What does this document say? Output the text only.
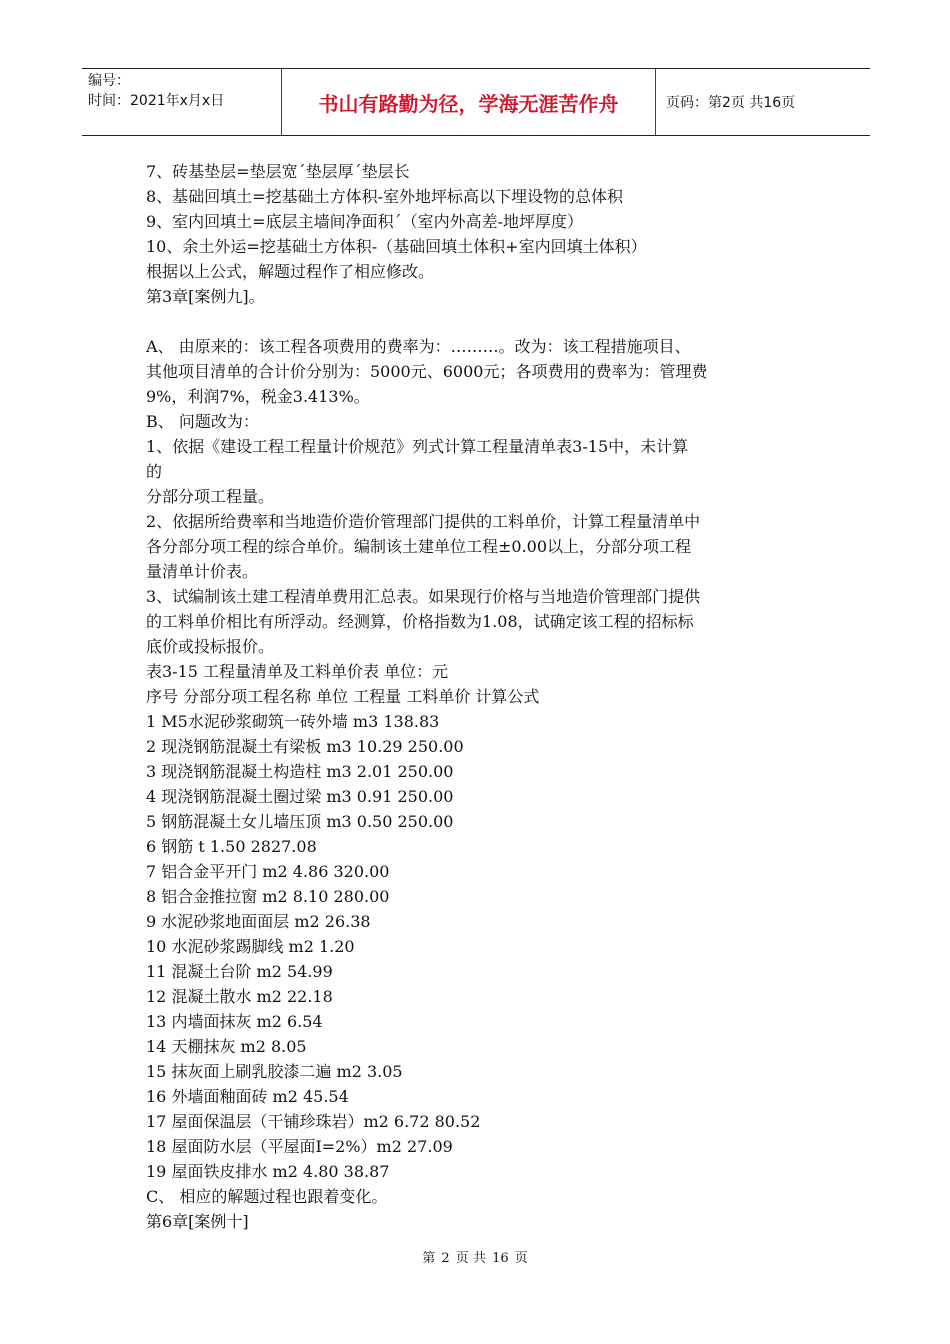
编号：
时间：2021年x月x日	书山有路勤为径，学海无涯苦作舟	页码：第2页 共16页
7、砖基垫层=垫层宽´垫层厚´垫层长
8、基础回填土=挖基础土方体积-室外地坪标高以下埋设物的总体积
9、室内回填土=底层主墙间净面积´（室内外高差-地坪厚度）
10、余土外运=挖基础土方体积-（基础回填土体积+室内回填土体积）
根据以上公式，解题过程作了相应修改。
第3章[案例九]。
A、 由原来的：该工程各项费用的费率为：………。改为：该工程措施项目、
其他项目清单的合计价分别为：5000元、6000元；各项费用的费率为：管理费
9%，利润7%，税金3.413%。
B、 问题改为：
1、依据《建设工程工程量计价规范》列式计算工程量清单表3-15中，未计算
的
分部分项工程量。
2、依据所给费率和当地造价造价管理部门提供的工料单价，计算工程量清单中
各分部分项工程的综合单价。编制该土建单位工程±0.00以上，分部分项工程
量清单计价表。
3、试编制该土建工程清单费用汇总表。如果现行价格与当地造价管理部门提供
的工料单价相比有所浮动。经测算，价格指数为1.08，试确定该工程的招标标
底价或投标报价。
表3-15 工程量清单及工料单价表 单位：元
序号 分部分项工程名称 单位 工程量 工料单价 计算公式
1 M5水泥砂浆砌筑一砖外墙 m3 138.83
2 现浇钢筋混凝土有梁板 m3 10.29 250.00
3 现浇钢筋混凝土构造柱 m3 2.01 250.00
4 现浇钢筋混凝土圈过梁 m3 0.91 250.00
5 钢筋混凝土女儿墙压顶 m3 0.50 250.00
6 钢筋 t 1.50 2827.08
7 铝合金平开门 m2 4.86 320.00
8 铝合金推拉窗 m2 8.10 280.00
9 水泥砂浆地面面层 m2 26.38
10 水泥砂浆踢脚线 m2 1.20
11 混凝土台阶 m2 54.99
12 混凝土散水 m2 22.18
13 内墙面抹灰 m2 6.54
14 天棚抹灰 m2 8.05
15 抹灰面上刷乳胶漆二遍 m2 3.05
16 外墙面釉面砖 m2 45.54
17 屋面保温层（干铺珍珠岩）m2 6.72 80.52
18 屋面防水层（平屋面I=2%）m2 27.09
19 屋面铁皮排水 m2 4.80 38.87
C、 相应的解题过程也跟着变化。
第6章[案例十]
第 2 页 共 16 页
